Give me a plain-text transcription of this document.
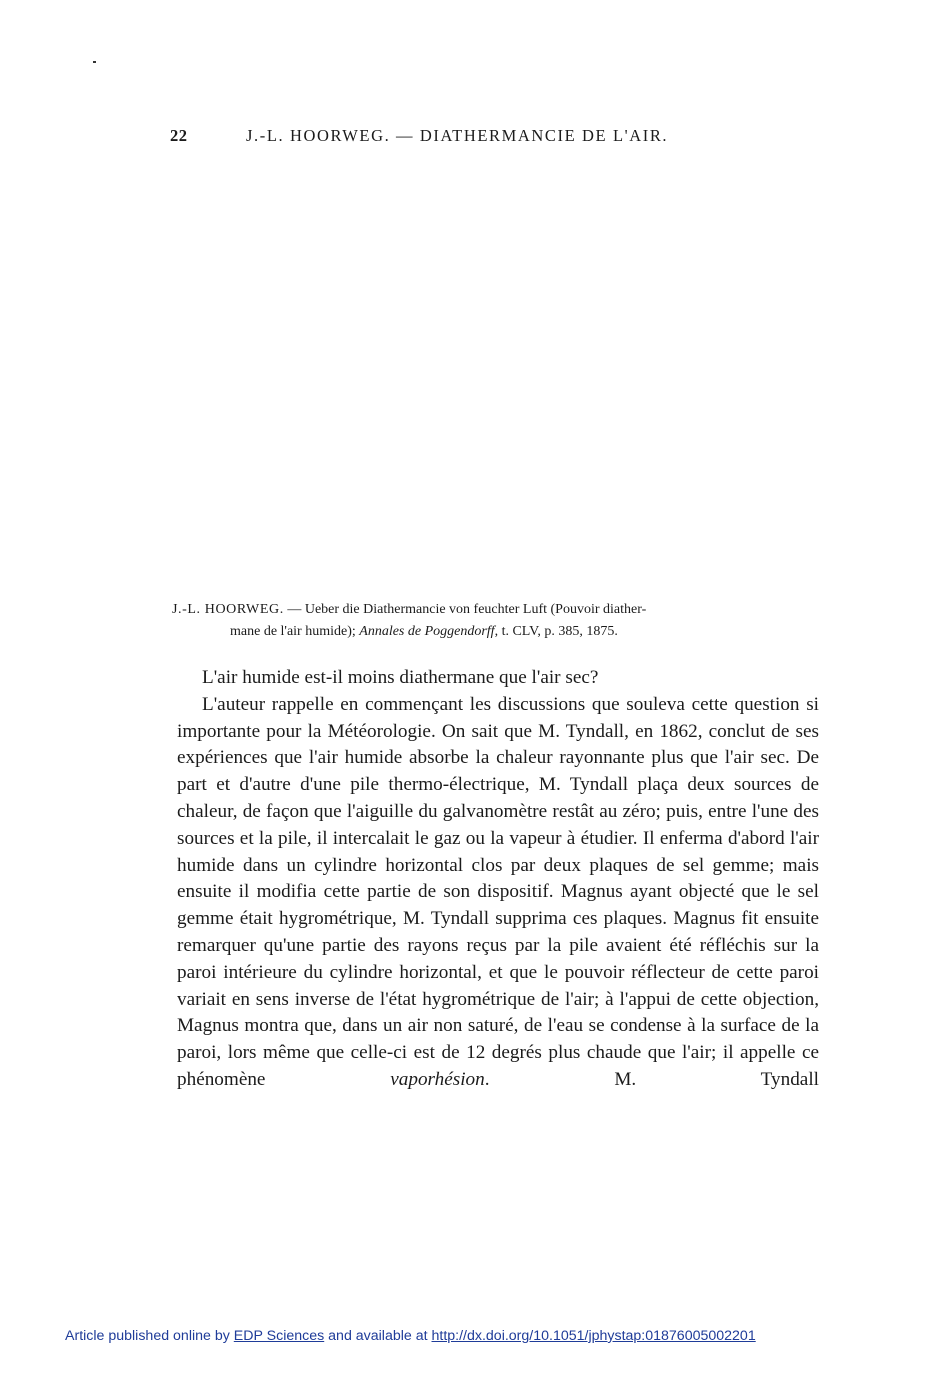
22	J.-L. HOORWEG. — DIATHERMANCIE DE L'AIR.
J.-L. HOORWEG. — Ueber die Diathermancie von feuchter Luft (Pouvoir diather-
mane de l'air humide); Annales de Poggendorff, t. CLV, p. 385, 1875.

L'air humide est-il moins diathermane que l'air sec?

L'auteur rappelle en commençant les discussions que souleva cette question si importante pour la Météorologie. On sait que M. Tyndall, en 1862, conclut de ses expériences que l'air humide absorbe la chaleur rayonnante plus que l'air sec. De part et d'autre d'une pile thermo-électrique, M. Tyndall plaça deux sources de chaleur, de façon que l'aiguille du galvanomètre restât au zéro; puis, entre l'une des sources et la pile, il intercalait le gaz ou la vapeur à étudier. Il enferma d'abord l'air humide dans un cylindre horizontal clos par deux plaques de sel gemme; mais ensuite il modifia cette partie de son dispositif. Magnus ayant objecté que le sel gemme était hygrométrique, M. Tyndall supprima ces plaques. Magnus fit ensuite remarquer qu'une partie des rayons reçus par la pile avaient été réfléchis sur la paroi intérieure du cylindre horizontal, et que le pouvoir réflecteur de cette paroi variait en sens inverse de l'état hygrométrique de l'air; à l'appui de cette objection, Magnus montra que, dans un air non saturé, de l'eau se condense à la surface de la paroi, lors même que celle-ci est de 12 degrés plus chaude que l'air; il appelle ce phénomène vaporhésion. M. Tyndall

Article published online by EDP Sciences and available at http://dx.doi.org/10.1051/jphystap:01876005002201
